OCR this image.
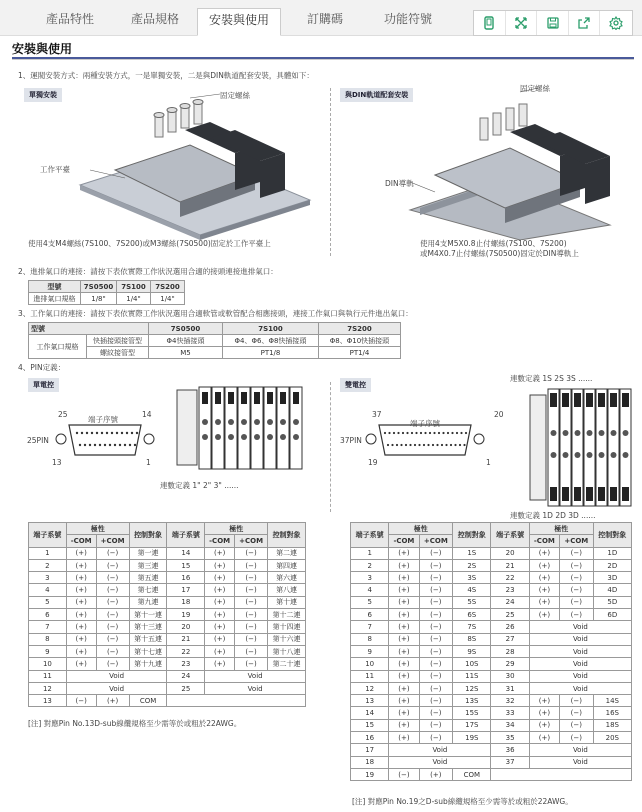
產品特性	產品規格	安裝與使用	訂購碼	功能符號
安裝與使用
1、運閥安裝方式：兩種安裝方式，一是單獨安裝，二是與DIN軌道配套安裝，具體如下：
單獨安裝	與DIN軌道配套安裝
固定螺絲
工作平臺
使用4支M4螺絲(7S100、7S200)或M3螺絲(7S0500)固定於工作平臺上
固定螺絲
DIN導軌
使用4支M5X0.8止付螺絲(7S100、7S200)
或M4X0.7止付螺絲(7S0500)固定於DIN導軌上
2、進排氣口的連接：請按下表依實際工作狀況選用合適的接頭連接進排氣口：
型號	7S0500	7S100	7S200
進排氣口規格	1/8"	1/4"	1/4"
3、工作氣口的連接：請按下表依實際工作狀況選用合適軟管或軟管配合相應接頭，連接工作氣口與執行元件進出氣口：
型號		7S0500	7S100	7S200
工作氣口規格	快插接頭接管型	Φ4快插接頭	Φ4、Φ6、Φ8快插接頭	Φ8、Φ10快插接頭
	螺紋接管型	M5	PT1/8	PT1/4
4、PIN定義：
單電控	雙電控
端子序號
25PIN
25	14
13	1
連數定義 1" 2" 3" ......
端子序號
37PIN
37	20
19	1
連數定義 1S 2S 3S ......
連數定義 1D 2D 3D ......
端子系號	極性		控制對象	端子系號	極性		控制對象
	-COM	+COM			-COM	+COM	
1	(+)	(−)	第一連	14	(+)	(−)	第二連
2	(+)	(−)	第三連	15	(+)	(−)	第四連
3	(+)	(−)	第五連	16	(+)	(−)	第六連
4	(+)	(−)	第七連	17	(+)	(−)	第八連
5	(+)	(−)	第九連	18	(+)	(−)	第十連
6	(+)	(−)	第十一連	19	(+)	(−)	第十二連
7	(+)	(−)	第十三連	20	(+)	(−)	第十四連
8	(+)	(−)	第十五連	21	(+)	(−)	第十六連
9	(+)	(−)	第十七連	22	(+)	(−)	第十八連
10	(+)	(−)	第十九連	23	(+)	(−)	第二十連
11	Void			24	Void		
12	Void			25	Void		
13	(−)	(+)	COM				
[注] 對應Pin No.13D-sub線纜規格至少需等於或粗於22AWG。
端子系號	極性		控制對象	端子系號	極性		控制對象
	-COM	+COM			-COM	+COM	
1	(+)	(−)	1S	20	(+)	(−)	1D
2	(+)	(−)	2S	21	(+)	(−)	2D
3	(+)	(−)	3S	22	(+)	(−)	3D
4	(+)	(−)	4S	23	(+)	(−)	4D
5	(+)	(−)	5S	24	(+)	(−)	5D
6	(+)	(−)	6S	25	(+)	(−)	6D
7	(+)	(−)	7S	26	Void		
8	(+)	(−)	8S	27	Void		
9	(+)	(−)	9S	28	Void		
10	(+)	(−)	10S	29	Void		
11	(+)	(−)	11S	30	Void		
12	(+)	(−)	12S	31	Void		
13	(+)	(−)	13S	32	(+)	(−)	14S
14	(+)	(−)	15S	33	(+)	(−)	16S
15	(+)	(−)	17S	34	(+)	(−)	18S
16	(+)	(−)	19S	35	(+)	(−)	20S
17	Void			36	Void		
18	Void			37	Void		
19	(−)	(+)	COM				
[注] 對應Pin No.19之D-sub線纜規格至少需等於或粗於22AWG。
